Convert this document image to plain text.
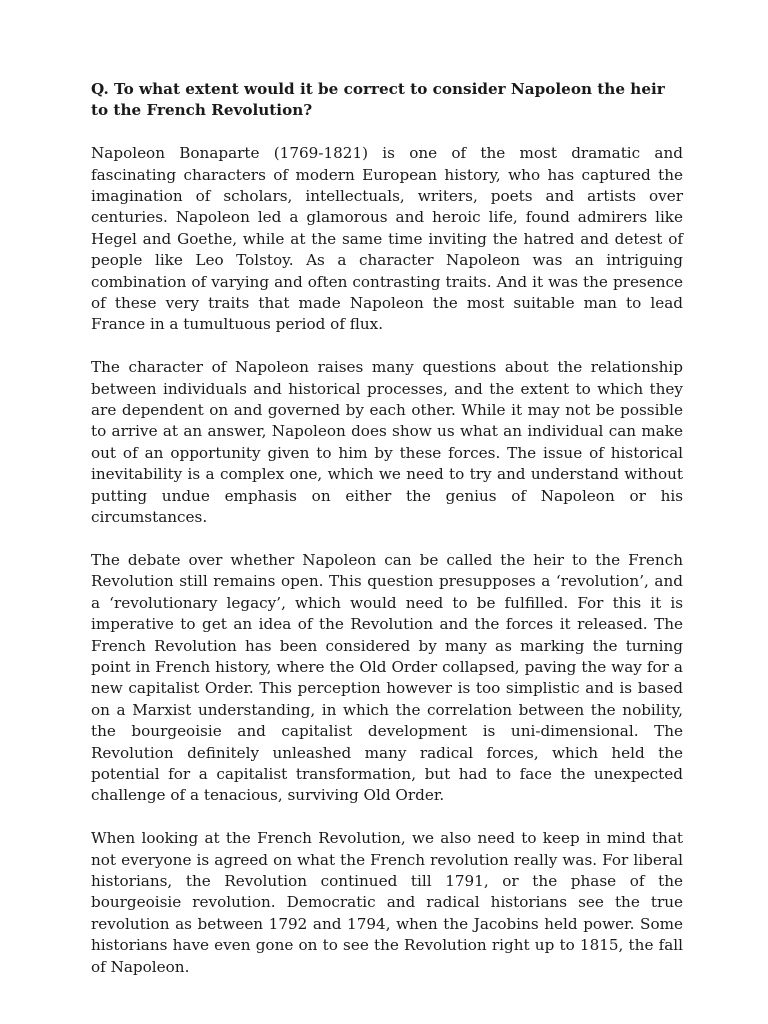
Q. To what extent would it be correct to consider Napoleon the heir to the French Revolution?

Napoleon Bonaparte (1769-1821) is one of the most dramatic and fascinating characters of modern European history, who has captured the imagination of scholars, intellectuals, writers, poets and artists over centuries. Napoleon led a glamorous and heroic life, found admirers like Hegel and Goethe, while at the same time inviting the hatred and detest of people like Leo Tolstoy. As a character Napoleon was an intriguing combination of varying and often contrasting traits. And it was the presence of these very traits that made Napoleon the most suitable man to lead France in a tumultuous period of flux.

The character of Napoleon raises many questions about the relationship between individuals and historical processes, and the extent to which they are dependent on and governed by each other. While it may not be possible to arrive at an answer, Napoleon does show us what an individual can make out of an opportunity given to him by these forces. The issue of historical inevitability is a complex one, which we need to try and understand without putting undue emphasis on either the genius of Napoleon or his circumstances.

The debate over whether Napoleon can be called the heir to the French Revolution still remains open. This question presupposes a ‘revolution’, and a ‘revolutionary legacy’, which would need to be fulfilled. For this it is imperative to get an idea of the Revolution and the forces it released. The French Revolution has been considered by many as marking the turning point in French history, where the Old Order collapsed, paving the way for a new capitalist Order. This perception however is too simplistic and is based on a Marxist understanding, in which the correlation between the nobility, the bourgeoisie and capitalist development is uni-dimensional. The Revolution definitely unleashed many radical forces, which held the potential for a capitalist transformation, but had to face the unexpected challenge of a tenacious, surviving Old Order.

When looking at the French Revolution, we also need to keep in mind that not everyone is agreed on what the French revolution really was. For liberal historians, the Revolution continued till 1791, or the phase of the bourgeoisie revolution. Democratic and radical historians see the true revolution as between 1792 and 1794, when the Jacobins held power. Some historians have even gone on to see the Revolution right up to 1815, the fall of Napoleon.
